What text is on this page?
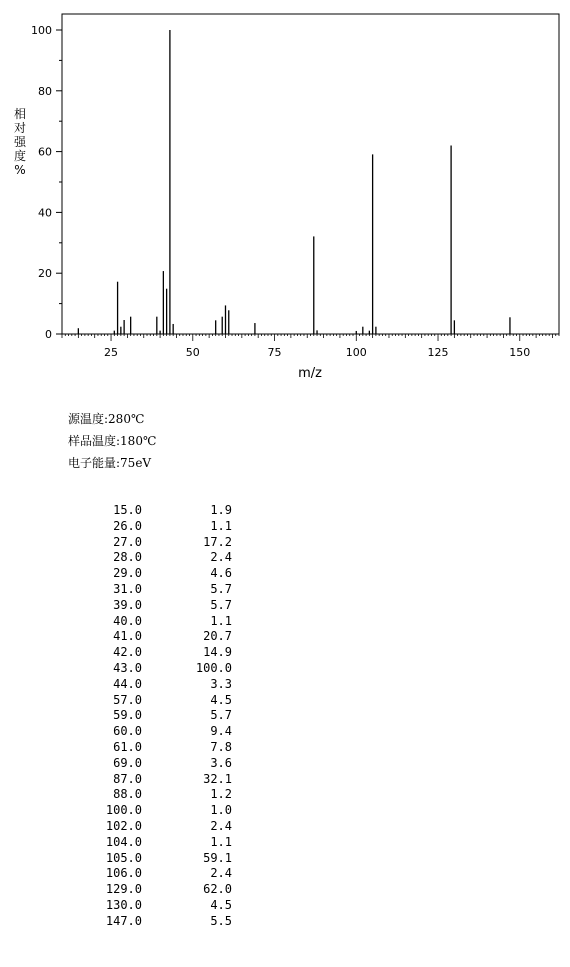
0
20
40
60
80
100
25	50	75	100	125	150
m/z
相
对
强
度
%
源温度:280℃
样品温度:180℃
电子能量:75eV
15.0	1.9
26.0	1.1
27.0	17.2
28.0	2.4
29.0	4.6
31.0	5.7
39.0	5.7
40.0	1.1
41.0	20.7
42.0	14.9
43.0	100.0
44.0	3.3
57.0	4.5
59.0	5.7
60.0	9.4
61.0	7.8
69.0	3.6
87.0	32.1
88.0	1.2
100.0	1.0
102.0	2.4
104.0	1.1
105.0	59.1
106.0	2.4
129.0	62.0
130.0	4.5
147.0	5.5
